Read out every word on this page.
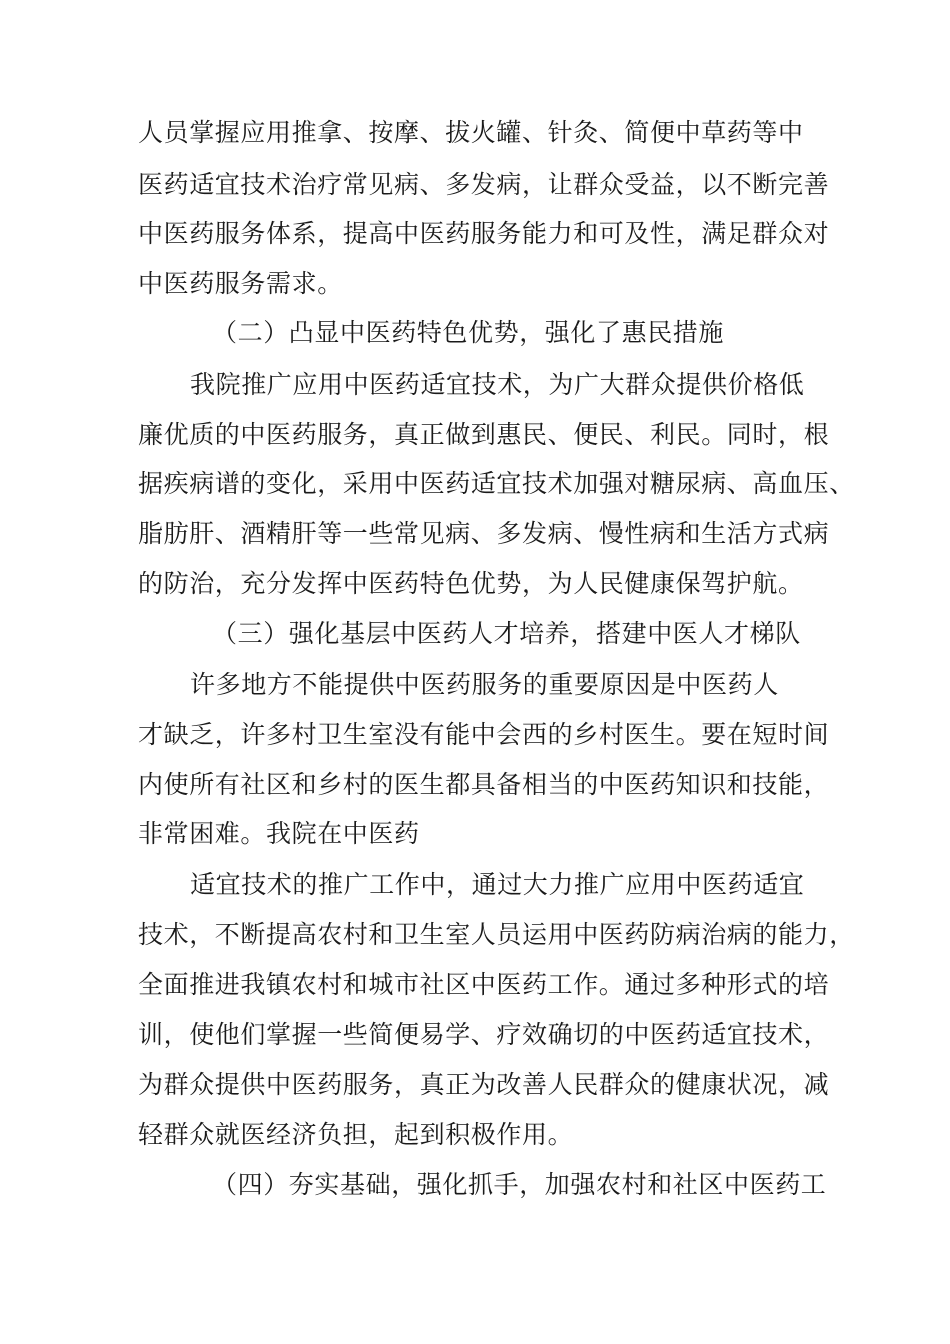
人员掌握应用推拿、按摩、拔火罐、针灸、简便中草药等中
医药适宜技术治疗常见病、多发病，让群众受益，以不断完善
中医药服务体系，提高中医药服务能力和可及性，满足群众对
中医药服务需求。
（二）凸显中医药特色优势，强化了惠民措施
我院推广应用中医药适宜技术，为广大群众提供价格低
廉优质的中医药服务，真正做到惠民、便民、利民。同时，根
据疾病谱的变化，采用中医药适宜技术加强对糖尿病、高血压、
脂肪肝、酒精肝等一些常见病、多发病、慢性病和生活方式病
的防治，充分发挥中医药特色优势，为人民健康保驾护航。
（三）强化基层中医药人才培养，搭建中医人才梯队
许多地方不能提供中医药服务的重要原因是中医药人
才缺乏，许多村卫生室没有能中会西的乡村医生。要在短时间
内使所有社区和乡村的医生都具备相当的中医药知识和技能，
非常困难。我院在中医药
适宜技术的推广工作中，通过大力推广应用中医药适宜
技术，不断提高农村和卫生室人员运用中医药防病治病的能力，
全面推进我镇农村和城市社区中医药工作。通过多种形式的培
训，使他们掌握一些简便易学、疗效确切的中医药适宜技术，
为群众提供中医药服务，真正为改善人民群众的健康状况，减
轻群众就医经济负担，起到积极作用。
（四）夯实基础，强化抓手，加强农村和社区中医药工
